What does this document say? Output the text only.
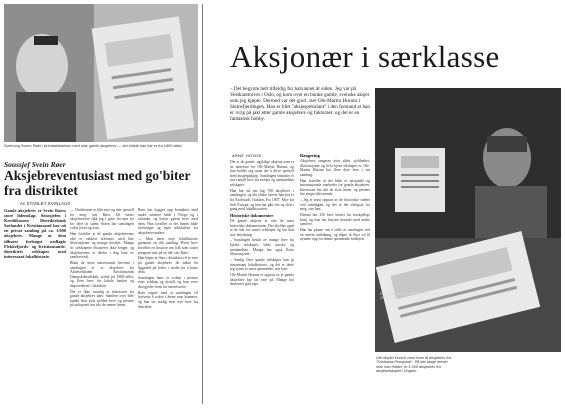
Sveinung Sveen Røer i Arendalsbanken med sine gamle aksjebrev — det eldste han har er fra 1800-tallet.
Soussjef Svein Røer
Aksjebreventusiast med go'biter fra distriktet
Av STANLEY KVINLAUG
Gamle aksjebrev er Svein Røers store lidenskap. Soussjefen i Kreditkassen Distriktsbank Sørlandet i Kristiansand har nå en privat samling på ca. 1.000 aksjebrev. Mange av dem tilhører forlengst nedlagte Flekkefjords- og Kristiansands-distriktets selskaper med interessant lokalhistorie.

— Vitalitetene er blitt mer og mer spesiell for meg, sier Røer. De første aksjebrevene fikk jeg i gave fra min far for flere år siden. Siden har samlingen vokst jevnt og trutt.

Han forteller at de gamle aksjebrevene ofte er vakkert utformet, med fine illustrasjoner og mange detaljer. Mange av selskapene eksisterer ikke lenger, og aksjebrevene er derfor i dag bare av samlerverdi.

Blant de mest interessante brevene i samlingen er et aksjebrev fra Aktieselskabet Kristiansands Dampskibsselskab, stiftet på 1800-tallet, og flere brev fra lokale banker og skipsrederier i distriktet.

Det er ikke uvanlig at interessen for gamle aksjebrev øker. Samlere over hele landet leter etter sjeldne brev, og prisene på auksjoner har økt de senere årene.

Røer har bygget opp kontakter med andre samlere både i Norge og i utlandet, og bytter gjerne brev med dem. Han forteller at det finnes både foreninger og egne tidsskrifter for aksjebrevsamlere.

— Man lærer mye lokalhistorie gjennom en slik samling. Hvert brev forteller en historie om folk som satset pengene sine på en idé, sier Røer.

Han håper at flere i distriktet vil ta vare på gamle aksjebrev de måtte ha liggende på loftet, i stedet for å kaste dem.

Samlingen hans er ordnet i permer etter selskap og årstall, og han viser den gjerne frem for interesserte.

Røer regner med at samlingen vil fortsette å vokse i årene som kommer, og han ser stadig etter nye brev fra distriktet.

Aksjonær i særklasse
– Det begynte helt tilfeldig for halvannet år siden. Jeg var på Vestkanttorvet i Oslo, og kom over en bunke gamle, svenske aksjer som jeg kjøpte. Dermed var det gjort, sier Ole-Martin Hurum i Steinsfjerdingen. Han er blitt "aksjespekulant" i den forstand at han er ivrig på jakt etter gamle aksjebrev og fakturaer, og det er en fantastisk hobby.
Et aksjebrev fra "Bergen Gas" fra 1900-tallet.
ARNE HOVDE

Det er de gamle, ugyldige aksjene som er av interesse for Ole-Martin Hurum, og han holder seg unna det å drive spesielt med aksjeoppkjøp. Samlingen omfatter et stort antall brev fra norske og utenlandske selskaper.

Han har nå om lag 700 aksjebrev i samlingen, og det eldste brevet han har er fra Kiobstads Traktørs Fra 1807. Mye fra hele Europa, og han har gått rett og slett i gang med lokalhistorien.

Historiske dokumenter

De gamle aksjene er ofte de mest historiske dokumentene. Det skyldes også at de står for større selskaper og har hatt stor betydning.

– Samlingen består av mange brev fra kjente selskaper, både norske og utenlandske. Mange har også flotte illustrasjoner.

– Særlig flere gamle selskaper kan gi interessant lokalhistorie, og det er dette jeg synes er mest spennende, sier han.

Ole-Martin Hurum er opptatt av at gamle aksjebrev bør tas vare på. Mange har dessverre gått tapt.

Rangering

Aksjebrev rangeres etter alder, sjeldenhet, illustrasjoner og hvor kjent selskapet er. Ole-Martin Hurum har flere dyre brev i sin samling.

Han forteller at det både er nasjonale og internasjonale markeder for gamle aksjebrev. Interessen har økt de siste årene, og prisene har steget tilsvarende.

– Jeg er mest opptatt av de historiske sidene ved samlingen, og det er det viktigste for meg, sier han.

Hurum har 250 brev hentet fra forskjellige land, og han har knyttet kontakt med andre samlere.

Han har planer om å stille ut samlingen ved en senere anledning, og håper at flere vil få øynene opp for denne spennende hobbyen.

Ole-Martin Hurum viser fram et aksjebrev fra "Kristiania-Pensjonat". På det lange brevet som han holder, er 1.000 aksjebrev fra aksjeselskapet i Ungarn.
